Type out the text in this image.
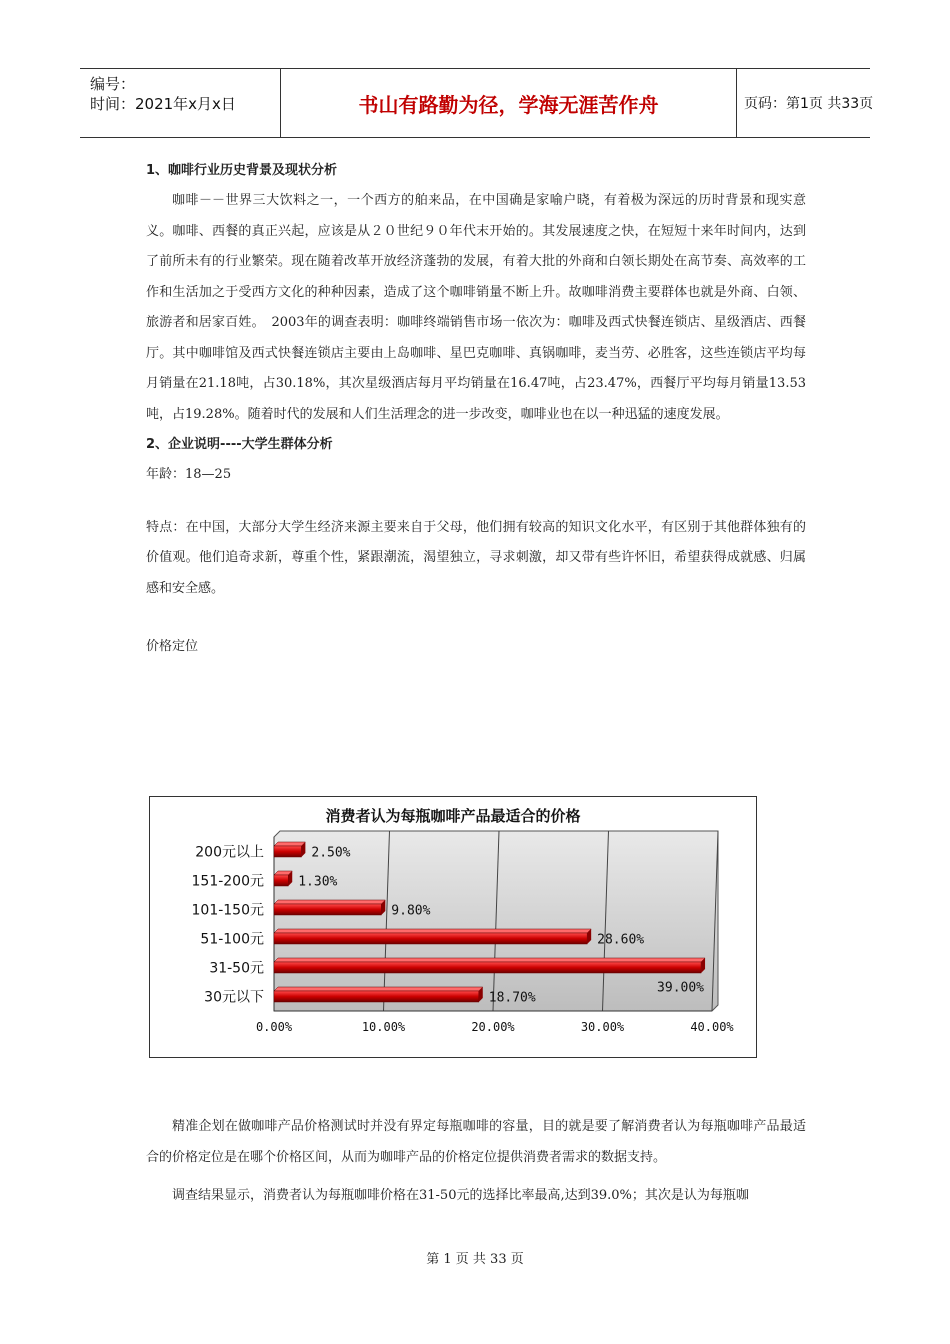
编号：
时间：2021年x月x日	书山有路勤为径，学海无涯苦作舟	页码：第1页 共33页
1、咖啡行业历史背景及现状分析

咖啡－－世界三大饮料之一，一个西方的舶来品，在中国确是家喻户晓，有着极为深远的历时背景和现实意义。咖啡、西餐的真正兴起，应该是从２０世纪９０年代末开始的。其发展速度之快，在短短十来年时间内，达到了前所未有的行业繁荣。现在随着改革开放经济蓬勃的发展，有着大批的外商和白领长期处在高节奏、高效率的工作和生活加之于受西方文化的种种因素，造成了这个咖啡销量不断上升。故咖啡消费主要群体也就是外商、白领、旅游者和居家百姓。　2003年的调查表明：咖啡终端销售市场一依次为：咖啡及西式快餐连锁店、星级酒店、西餐厅。其中咖啡馆及西式快餐连锁店主要由上岛咖啡、星巴克咖啡、真锅咖啡，麦当劳、必胜客，这些连锁店平均每月销量在21.18吨，占30.18%，其次星级酒店每月平均销量在16.47吨，占23.47%，西餐厅平均每月销量13.53吨，占19.28%。随着时代的发展和人们生活理念的进一步改变，咖啡业也在以一种迅猛的速度发展。

2、企业说明----大学生群体分析

年龄：18—25

特点：在中国，大部分大学生经济来源主要来自于父母，他们拥有较高的知识文化水平，有区别于其他群体独有的价值观。他们追奇求新，尊重个性，紧跟潮流，渴望独立，寻求刺激，却又带有些许怀旧，希望获得成就感、归属感和安全感。

价格定位

消费者认为每瓶咖啡产品最适合的价格
0.00%	10.00%	20.00%	30.00%	40.00%
200元以上	2.50%
151-200元	1.30%
101-150元	9.80%
51-100元	28.60%
31-50元
39.00%
30元以下	18.70%

精准企划在做咖啡产品价格测试时并没有界定每瓶咖啡的容量，目的就是要了解消费者认为每瓶咖啡产品最适合的价格定位是在哪个价格区间，从而为咖啡产品的价格定位提供消费者需求的数据支持。

调查结果显示，消费者认为每瓶咖啡价格在31-50元的选择比率最高,达到39.0%；其次是认为每瓶咖

第 1 页 共 33 页
